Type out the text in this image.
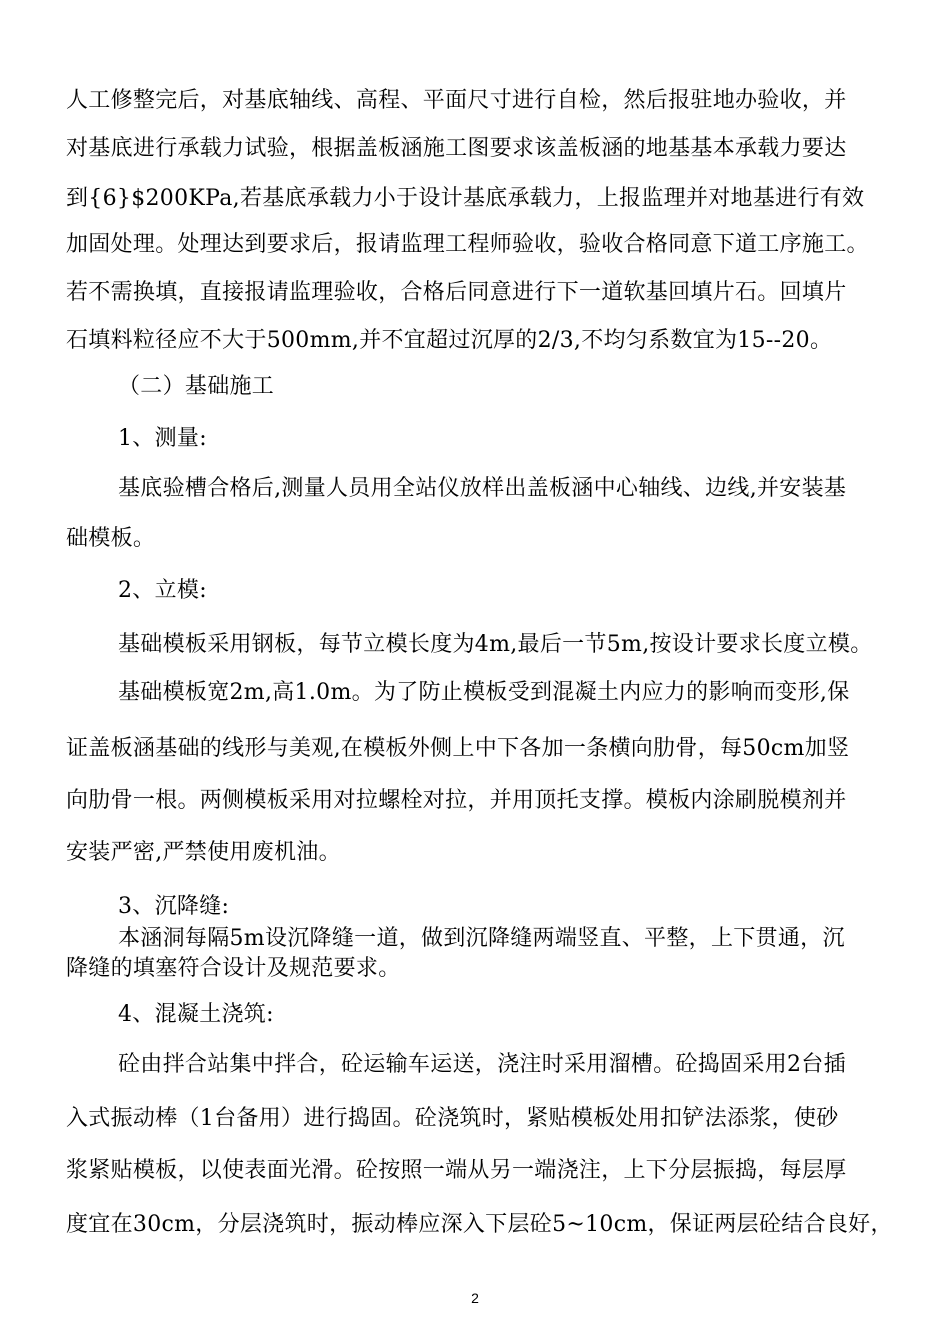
人工修整完后，对基底轴线、高程、平面尺寸进行自检，然后报驻地办验收，并
对基底进行承载力试验，根据盖板涵施工图要求该盖板涵的地基基本承载力要达
到{6}$200KPa,若基底承载力小于设计基底承载力，上报监理并对地基进行有效
加固处理。处理达到要求后，报请监理工程师验收，验收合格同意下道工序施工。
若不需换填，直接报请监理验收，合格后同意进行下一道软基回填片石。回填片
石填料粒径应不大于500mm,并不宜超过沉厚的2/3,不均匀系数宜为15--20。
（二）基础施工
1、测量:
基底验槽合格后,测量人员用全站仪放样出盖板涵中心轴线、边线,并安装基
础模板。
2、立模:
基础模板采用钢板，每节立模长度为4m,最后一节5m,按设计要求长度立模。
基础模板宽2m,高1.0m。为了防止模板受到混凝土内应力的影响而变形,保
证盖板涵基础的线形与美观,在模板外侧上中下各加一条横向肋骨，每50cm加竖
向肋骨一根。两侧模板采用对拉螺栓对拉，并用顶托支撑。模板内涂刷脱模剂并
安装严密,严禁使用废机油。
3、沉降缝:
本涵洞每隔5m设沉降缝一道，做到沉降缝两端竖直、平整，上下贯通，沉
降缝的填塞符合设计及规范要求。
4、混凝土浇筑:
砼由拌合站集中拌合，砼运输车运送，浇注时采用溜槽。砼捣固采用2台插
入式振动棒（1台备用）进行捣固。砼浇筑时，紧贴模板处用扣铲法添浆，使砂
浆紧贴模板，以使表面光滑。砼按照一端从另一端浇注，上下分层振捣，每层厚
度宜在30cm，分层浇筑时，振动棒应深入下层砼5~10cm，保证两层砼结合良好，
2
